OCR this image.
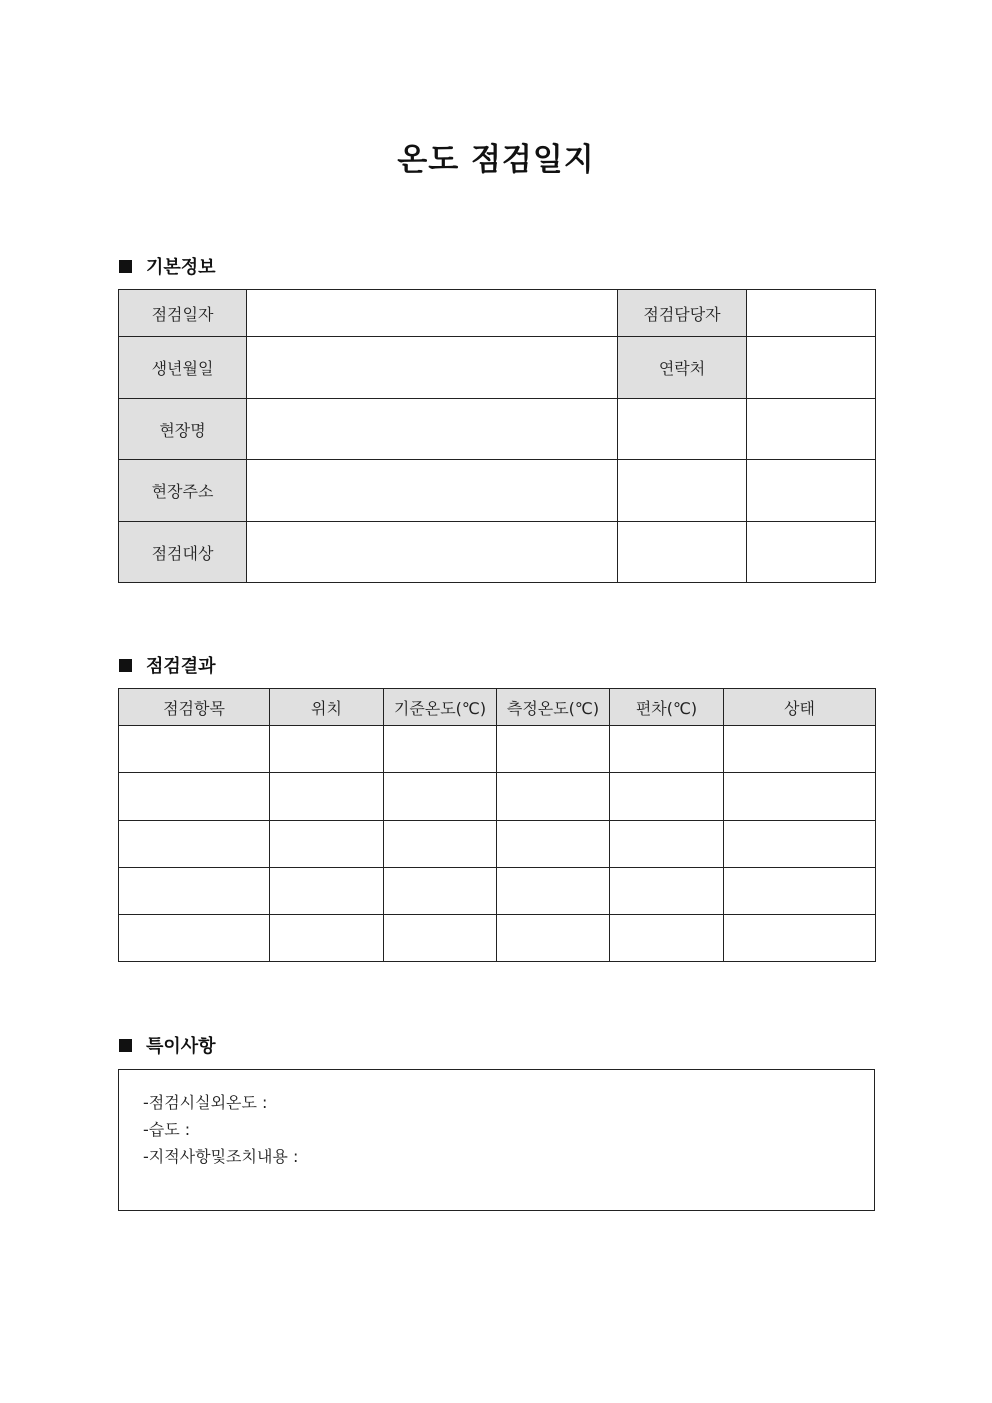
온도 점검일지
기본정보
점검일자		점검담당자	
생년월일		연락처	
현장명			
현장주소			
점검대상			
점검결과
점검항목	위치	기준온도(℃)	측정온도(℃)	편차(℃)	상태

특이사항
-점검시실외온도 :
-습도 :
-지적사항및조치내용 :
